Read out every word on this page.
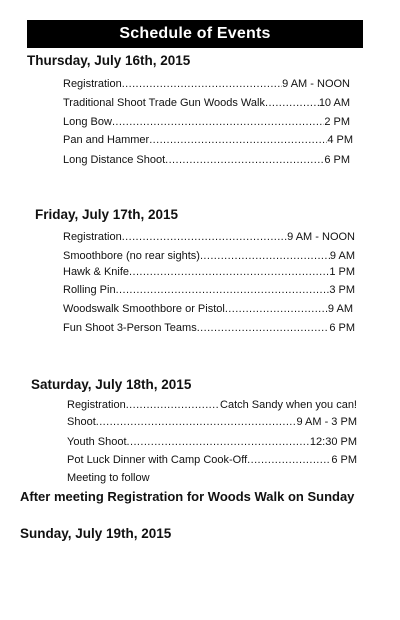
Schedule of Events
Thursday, July 16th, 2015
Registration .....	9 AM - NOON
Traditional Shoot Trade Gun Woods Walk .....	10 AM
Long Bow .....	2 PM
Pan and Hammer .....	4 PM
Long Distance Shoot .....	6 PM
Friday, July 17th, 2015
Registration .....	9 AM - NOON
Smoothbore (no rear sights) .....	9 AM
Hawk & Knife .....	1 PM
Rolling Pin .....	3 PM
Woodswalk Smoothbore or Pistol .....	9 AM
Fun Shoot 3-Person Teams .....	6 PM
Saturday, July 18th, 2015
Registration .....	Catch Sandy when you can!
Shoot .....	9 AM - 3 PM
Youth Shoot .....	12:30 PM
Pot Luck Dinner with Camp Cook-Off .....	6 PM
Meeting to follow
After meeting Registration for Woods Walk on Sunday
Sunday, July 19th, 2015
